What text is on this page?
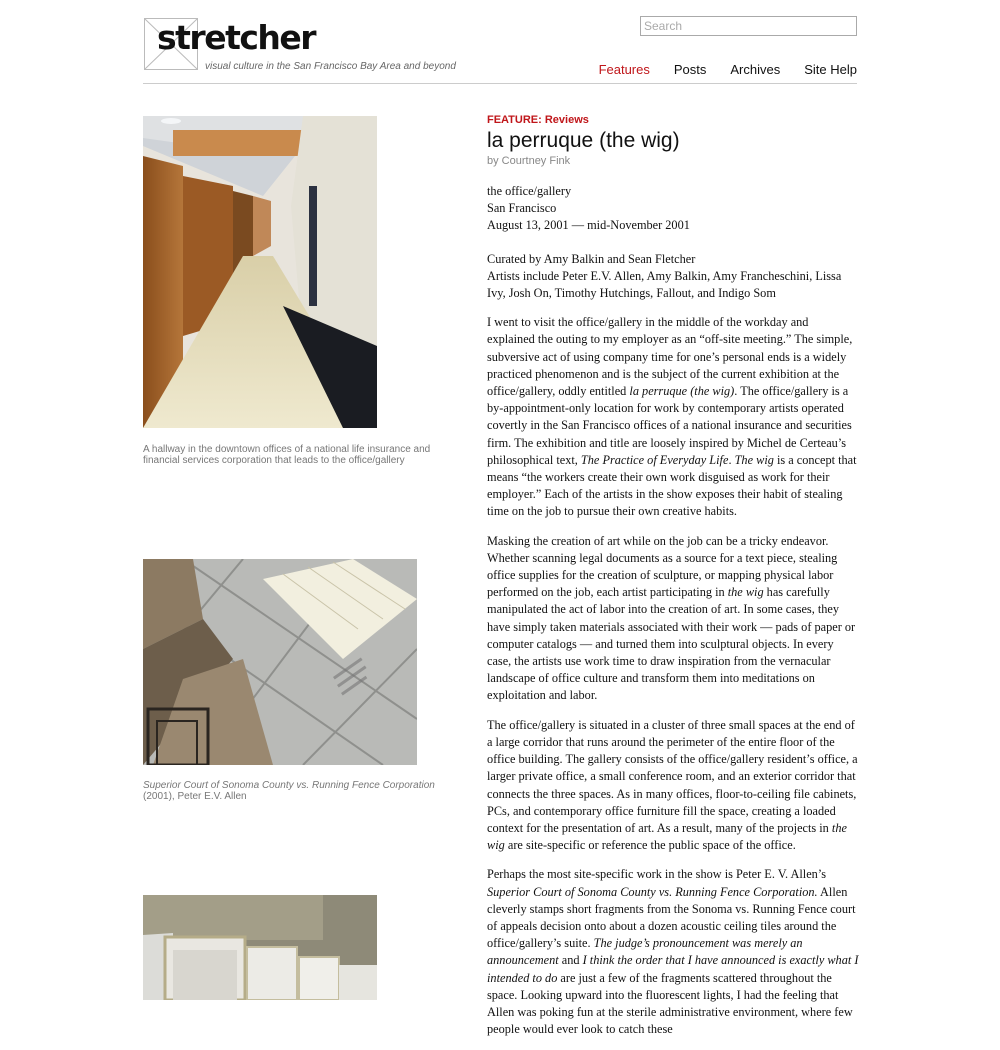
stretcher
visual culture in the San Francisco Bay Area and beyond
Search	Features Posts Archives Site Help
A hallway in the downtown offices of a national life insurance and financial services corporation that leads to the office/gallery
Superior Court of Sonoma County vs. Running Fence Corporation (2001), Peter E.V. Allen

FEATURE: Reviews

la perruque (the wig)

by Courtney Fink

the office/gallery
San Francisco
August 13, 2001 — mid-November 2001

Curated by Amy Balkin and Sean Fletcher
Artists include Peter E.V. Allen, Amy Balkin, Amy Francheschini, Lissa Ivy, Josh On, Timothy Hutchings, Fallout, and Indigo Som

I went to visit the office/gallery in the middle of the workday and explained the outing to my employer as an “off-site meeting.” The simple, subversive act of using company time for one’s personal ends is a widely practiced phenomenon and is the subject of the current exhibition at the office/gallery, oddly entitled la perruque (the wig). The office/gallery is a by-appointment-only location for work by contemporary artists operated covertly in the San Francisco offices of a national insurance and securities firm. The exhibition and title are loosely inspired by Michel de Certeau’s philosophical text, The Practice of Everyday Life. The wig is a concept that means “the workers create their own work disguised as work for their employer.” Each of the artists in the show exposes their habit of stealing time on the job to pursue their own creative habits.

Masking the creation of art while on the job can be a tricky endeavor. Whether scanning legal documents as a source for a text piece, stealing office supplies for the creation of sculpture, or mapping physical labor performed on the job, each artist participating in the wig has carefully manipulated the act of labor into the creation of art. In some cases, they have simply taken materials associated with their work — pads of paper or computer catalogs — and turned them into sculptural objects. In every case, the artists use work time to draw inspiration from the vernacular landscape of office culture and transform them into meditations on exploitation and labor.

The office/gallery is situated in a cluster of three small spaces at the end of a large corridor that runs around the perimeter of the entire floor of the office building. The gallery consists of the office/gallery resident’s office, a larger private office, a small conference room, and an exterior corridor that connects the three spaces. As in many offices, floor-to-ceiling file cabinets, PCs, and contemporary office furniture fill the space, creating a loaded context for the presentation of art. As a result, many of the projects in the wig are site-specific or reference the public space of the office.

Perhaps the most site-specific work in the show is Peter E. V. Allen’s Superior Court of Sonoma County vs. Running Fence Corporation. Allen cleverly stamps short fragments from the Sonoma vs. Running Fence court of appeals decision onto about a dozen acoustic ceiling tiles around the office/gallery’s suite. The judge’s pronouncement was merely an announcement and I think the order that I have announced is exactly what I intended to do are just a few of the fragments scattered throughout the space. Looking upward into the fluorescent lights, I had the feeling that Allen was poking fun at the sterile administrative environment, where few people would ever look to catch these
